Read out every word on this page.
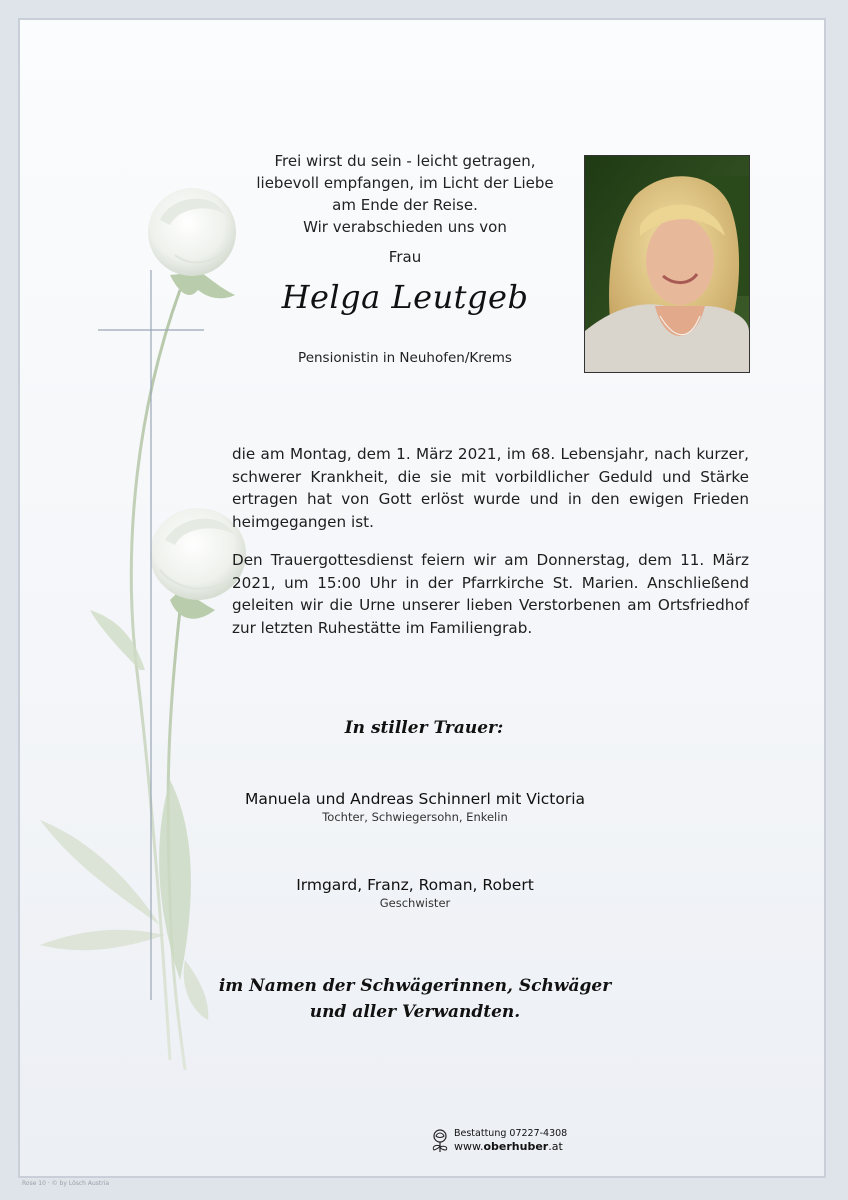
Frei wirst du sein - leicht getragen,
liebevoll empfangen, im Licht der Liebe
am Ende der Reise.
Wir verabschieden uns von
Frau
Helga Leutgeb
Pensionistin in Neuhofen/Krems
die am Montag, dem 1. März 2021, im 68. Lebensjahr, nach kurzer, schwerer Krankheit, die sie mit vorbildlicher Geduld und Stärke ertragen hat von Gott erlöst wurde und in den ewigen Frieden heimgegangen ist.
Den Trauergottesdienst feiern wir am Donnerstag, dem 11. März 2021, um 15:00 Uhr in der Pfarrkirche St. Marien. Anschließend geleiten wir die Urne unserer lieben Verstorbenen am Ortsfriedhof zur letzten Ruhestätte im Familiengrab.
In stiller Trauer:
Manuela und Andreas Schinnerl mit Victoria
Tochter, Schwiegersohn, Enkelin
Irmgard, Franz, Roman, Robert
Geschwister
im Namen der Schwägerinnen, Schwäger
und aller Verwandten.
Bestattung 07227-4308
www.oberhuber.at
Rose 10 · © by Lösch Austria
